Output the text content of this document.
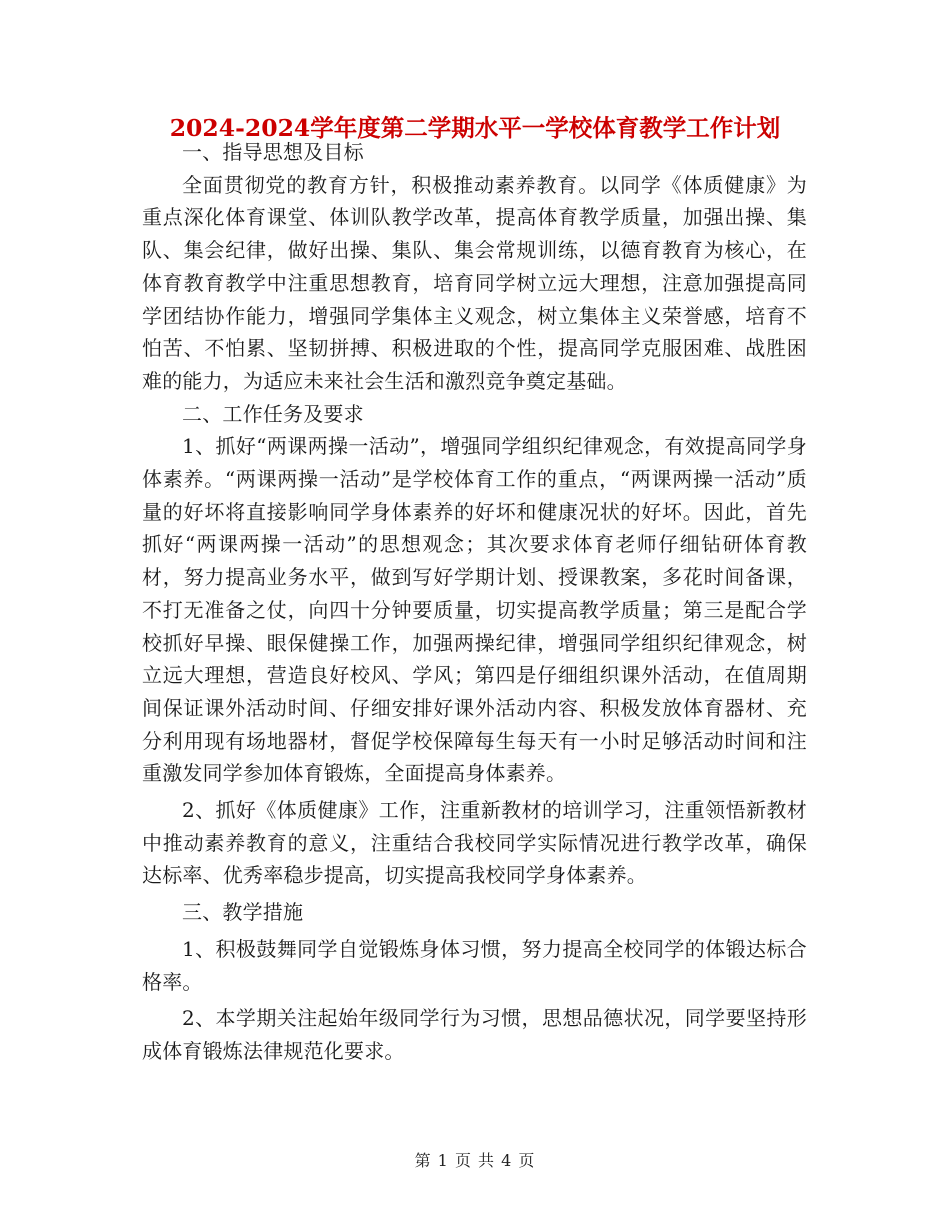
2024-2024学年度第二学期水平一学校体育教学工作计划

一、指导思想及目标

全面贯彻党的教育方针，积极推动素养教育。以同学《体质健康》为重点深化体育课堂、体训队教学改革，提高体育教学质量，加强出操、集队、集会纪律，做好出操、集队、集会常规训练，以德育教育为核心，在体育教育教学中注重思想教育，培育同学树立远大理想，注意加强提高同学团结协作能力，增强同学集体主义观念，树立集体主义荣誉感，培育不怕苦、不怕累、坚韧拼搏、积极进取的个性，提高同学克服困难、战胜困难的能力，为适应未来社会生活和激烈竞争奠定基础。

二、工作任务及要求

1、抓好“两课两操一活动”，增强同学组织纪律观念，有效提高同学身体素养。“两课两操一活动”是学校体育工作的重点，“两课两操一活动”质量的好坏将直接影响同学身体素养的好坏和健康况状的好坏。因此，首先抓好“两课两操一活动”的思想观念；其次要求体育老师仔细钻研体育教材，努力提高业务水平，做到写好学期计划、授课教案，多花时间备课，不打无准备之仗，向四十分钟要质量，切实提高教学质量；第三是配合学校抓好早操、眼保健操工作，加强两操纪律，增强同学组织纪律观念，树立远大理想，营造良好校风、学风；第四是仔细组织课外活动，在值周期间保证课外活动时间、仔细安排好课外活动内容、积极发放体育器材、充分利用现有场地器材，督促学校保障每生每天有一小时足够活动时间和注重激发同学参加体育锻炼，全面提高身体素养。

2、抓好《体质健康》工作，注重新教材的培训学习，注重领悟新教材中推动素养教育的意义，注重结合我校同学实际情况进行教学改革，确保达标率、优秀率稳步提高，切实提高我校同学身体素养。

三、教学措施

1、积极鼓舞同学自觉锻炼身体习惯，努力提高全校同学的体锻达标合格率。

2、本学期关注起始年级同学行为习惯，思想品德状况，同学要坚持形成体育锻炼法律规范化要求。

第 1 页 共 4 页
